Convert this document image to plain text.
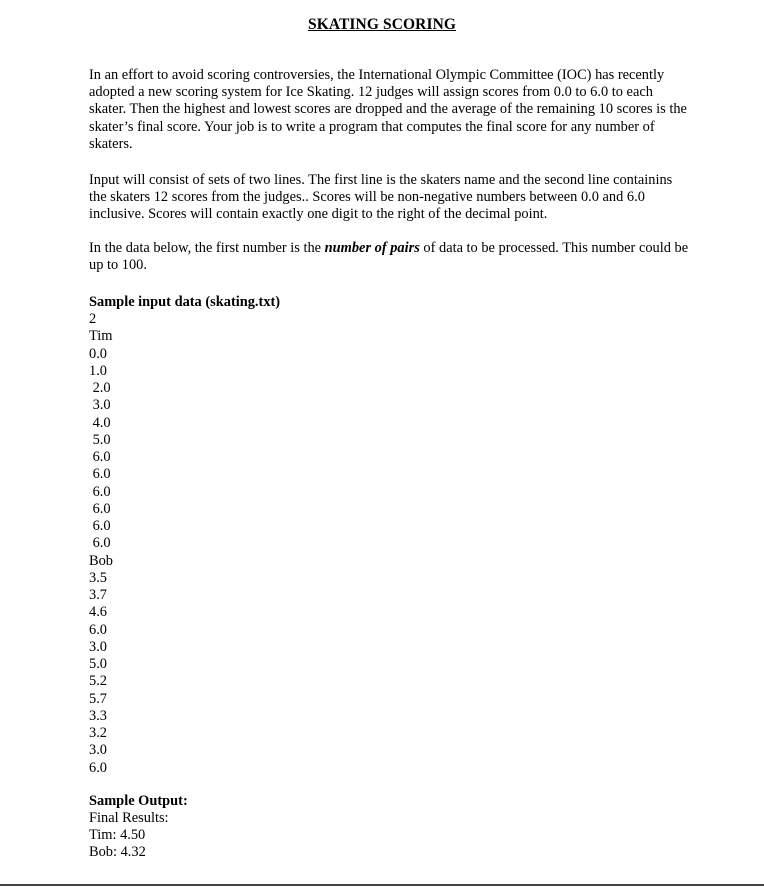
SKATING SCORING
In an effort to avoid scoring controversies, the International Olympic Committee (IOC) has recently adopted a new scoring system for Ice Skating. 12 judges will assign scores from 0.0 to 6.0 to each skater. Then the highest and lowest scores are dropped and the average of the remaining 10 scores is the skater’s final score. Your job is to write a program that computes the final score for any number of skaters.
Input will consist of sets of two lines. The first line is the skaters name and the second line containins the skaters 12 scores from the judges.. Scores will be non-negative numbers between 0.0 and 6.0 inclusive. Scores will contain exactly one digit to the right of the decimal point.
In the data below, the first number is the number of pairs of data to be processed. This number could be up to 100.
Sample input data (skating.txt)
2
Tim
0.0
1.0
2.0
3.0
4.0
5.0
6.0
6.0
6.0
6.0
6.0
6.0
Bob
3.5
3.7
4.6
6.0
3.0
5.0
5.2
5.7
3.3
3.2
3.0
6.0
Sample Output:
Final Results:
Tim: 4.50
Bob: 4.32
